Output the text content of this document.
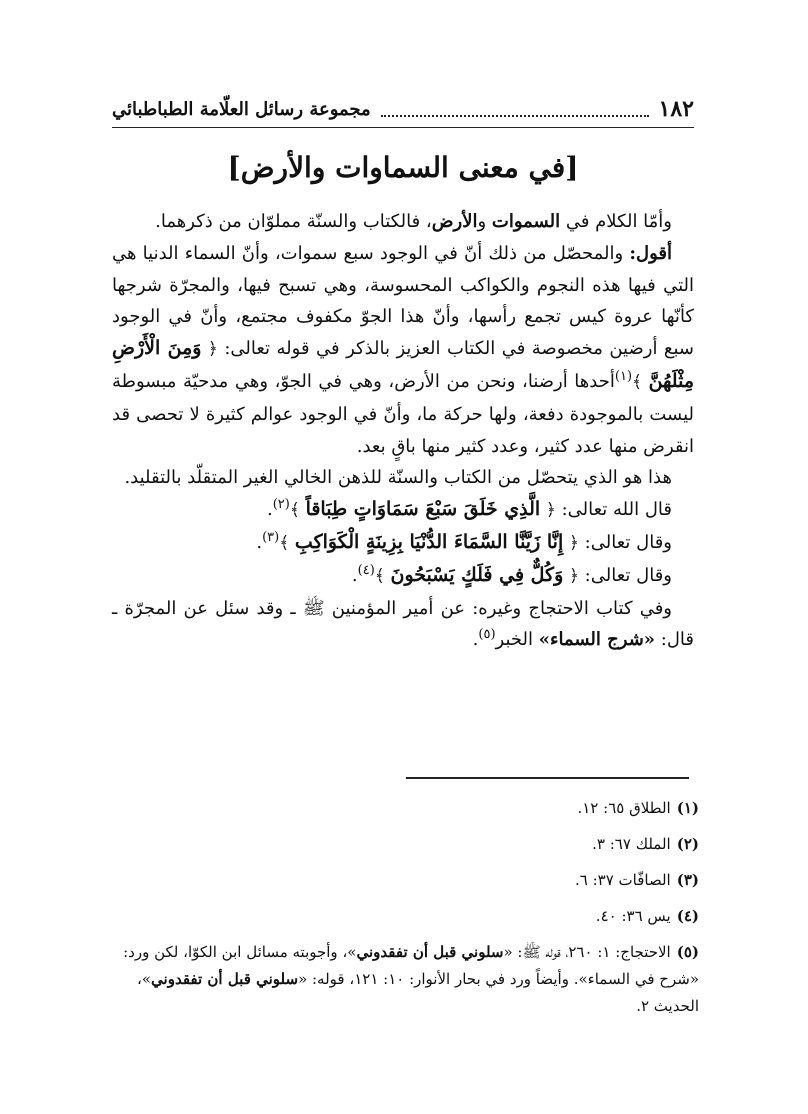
١٨٢
مجموعة رسائل العلّامة الطباطبائي
[في معنى السماوات والأرض]

وأمّا الكلام في السموات والأرض، فالكتاب والسنّة مملوّان من ذكرهما.

أقول: والمحصّل من ذلك أنّ في الوجود سبع سموات، وأنّ السماء الدنيا هي التي فيها هذه النجوم والكواكب المحسوسة، وهي تسبح فيها، والمجرّة شرجها كأنّها عروة كيس تجمع رأسها، وأنّ هذا الجوّ مكفوف مجتمع، وأنّ في الوجود سبع أرضين مخصوصة في الكتاب العزيز بالذكر في قوله تعالى: ﴿ وَمِنَ الْأَرْضِ مِثْلَهُنَّ ﴾$^{(١)}$أحدها أرضنا، ونحن من الأرض، وهي في الجوّ، وهي مدحيّة مبسوطة ليست بالموجودة دفعة، ولها حركة ما، وأنّ في الوجود عوالم كثيرة لا تحصى قد انقرض منها عدد كثير، وعدد كثير منها باقٍ بعد.

هذا هو الذي يتحصّل من الكتاب والسنّة للذهن الخالي الغير المتقلّد بالتقليد.

قال الله تعالى: ﴿ الَّذِي خَلَقَ سَبْعَ سَمَاوَاتٍ طِبَاقاً ﴾$^{(٢)}$.

وقال تعالى: ﴿ إِنَّا زَيَّنَّا السَّمَاءَ الدُّنْيَا بِزِينَةٍ الْكَوَاكِبِ ﴾$^{(٣)}$.

وقال تعالى: ﴿ وَكُلٌّ فِي فَلَكٍ يَسْبَحُونَ ﴾$^{(٤)}$.

وفي كتاب الاحتجاج وغيره: عن أمير المؤمنين ﷺ ـ وقد سئل عن المجرّة ـ قال: «شرج السماء» الخبر$^{(٥)}$.

(١)الطلاق ٦٥: ١٢.

(٢)الملك ٦٧: ٣.

(٣)الصافّات ٣٧: ٦.

(٤)يس ٣٦: ٤٠.

(٥)الاحتجاج: ١: ٢٦٠، قوله ﷺ: «سلوني قبل أن تفقدوني»، وأجوبته مسائل ابن الكوّا، لكن ورد: «شرح في السماء». وأيضاً ورد في بحار الأنوار: ١٠: ١٢١، قوله: «سلوني قبل أن تفقدوني»، الحديث ٢.
